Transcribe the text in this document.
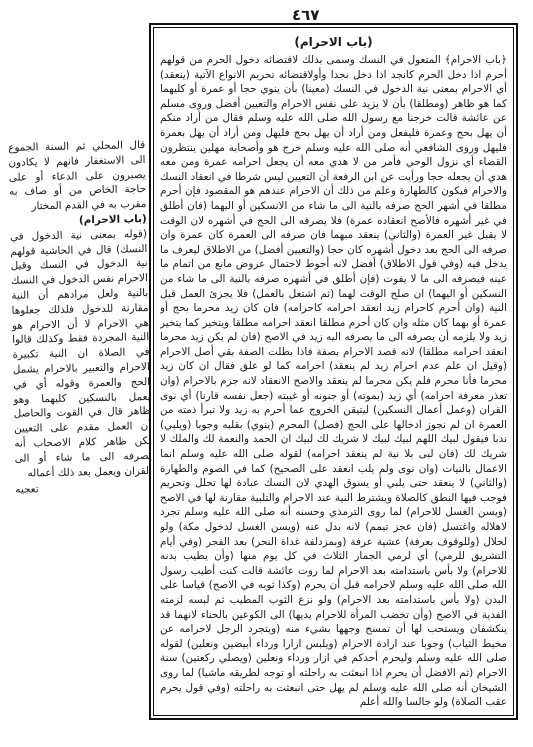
٤٦٧
قال المحلي ثم السنة الجموع الى الاستغفار فانهم لا يكادون يصبرون على الدعاء أو على حاجة الخاص من أو صاف به مقرب به في القدم المختار
(باب الاحرام)
(قوله بمعنى نية الدخول في النسك) قال في الحاشية قولهم نية الدخول في النسك وقيل الاحرام نفس الدخول في النسك بالنية ولعل مرادهم أن النية مقارنة للدخول فلذلك جعلوها هي الاحرام لا أن الاحرام هو النية المجردة فقط وكذلك قالوا في الصلاة ان النية تكبيرة الاحرام والتعبير بالاحرام يشمل الحج والعمرة وقوله أي في يعمل بالنسكين كليهما وهو ظاهر قال في القوت والحاصل أن العمل مقدم على التعيين لكن ظاهر كلام الاصحاب أنه يصرفه الى ما شاء أو الى القران ويعمل بعد ذلك أعماله
تعجيه
(باب الاحرام)
﴿باب الاحرام﴾ المتعول في النسك وسمى بذلك لاقتضائه دخول الحرم من قولهم أحرم اذا دخل الحرم كانجد اذا دخل نجدا وأولاقتضائه تحريم الانواع الآتية (ينعقد) أي الاحرام بمعنى نية الدخول في النسك (معينا) بأن ينوي حجا أو عمرة أو كليهما كما هو ظاهر (ومطلقا) بأن لا يزيد على نفس الاحرام والتعيين أفضل وروى مسلم عن عائشة قالت خرجنا مع رسول الله صلى الله عليه وسلم فقال من أراد منكم أن يهل بحج وعمرة فليفعل ومن أراد أن يهل بحج فليهل ومن أراد أن يهل بعمرة فليهل وروى الشافعي أنه صلى الله عليه وسلم خرج هو وأصحابه مهلين ينتظرون القضاء أي نزول الوحي فأمر من لا هدي معه أن يجعل احرامه عمرة ومن معه هدي أن يجعله حجا ورأيت عن ابن الرفعة أن التعيين ليس شرطا في انعقاد النسك والاحرام فيكون كالطهارة وعلم من ذلك أن الاحرام عندهم هو المقصود فإن أحرم مطلقا في أشهر الحج صرفه بالنية الى ما شاء من الانسكين أو اليهما (فان أطلق في غير أشهره فالأصح انعقاده عمرة) فلا يصرفه الى الحج في أشهره لان الوقت لا يقبل غير العمرة (والثاني) ينعقد مبهما فان صرفه الى العمرة كان عمرة وان صرفه الى الحج بعد دخول أشهره كان حجا (والتعيين أفضل) من الاطلاق ليعرف ما يدخل فيه (وفي قول الاطلاق) أفضل لانه أحوط لاحتمال عروض مانع من اتمام ما عينه فيصرفه الى ما لا يفوت (فإن أطلق في أشهره صرفه بالنية الى ما شاء من النسكين أو اليهما) ان صلح الوقت لهما (ثم اشتغل بالعمل) فلا يجزئ العمل قبل النية (وان أحرم كاحرام زيد انعقد احرامه كاحرامه) فان كان زيد محرما بحج أو عمرة أو بهما كان مثله وان كان أحرم مطلقا انعقد احرامه مطلقا ويتخير كما يتخير زيد ولا يلزمه أن يصرفه الى ما يصرفه اليه زيد في الاصح (فان لم يكن زيد محرما انعقد احرامه مطلقا) لانه قصد الاحرام بصفة فاذا بطلت الصفة بقي أصل الاحرام (وقيل ان علم عدم احرام زيد لم ينعقد) احرامه كما لو علق فقال ان كان زيد محرما فأنا محرم فلم يكن محرما لم ينعقد والاصح الانعقاد لانه جزم بالاحرام (وان تعذر معرفة احرامه) أي زيد (بموته) أو جنونه أو غيبته (جعل نفسه قارنا) أي نوى القران (وعمل أعمال النسكين) ليتيقن الخروج عما أحرم به زيد ولا تبرأ ذمته من العمرة ان لم نجوز ادخالها على الحج (فصل) المحرم (ينوي) بقلبه وجوبا (ويلبي) ندبا فيقول لبيك اللهم لبيك لبيك لا شريك لك لبيك ان الحمد والنعمة لك والملك لا شريك لك (فان لبى بلا نية لم ينعقد احرامه) لقوله صلى الله عليه وسلم انما الاعمال بالنيات (وان نوى ولم يلب انعقد على الصحيح) كما في الصوم والطهارة (والثاني) لا ينعقد حتى يلبي أو يسوق الهدي لان النسك عبادة لها تحلل وتحريم فوجب فيها النطق كالصلاة ويشترط النية عند الاحرام والتلبية مقارنة لها في الاصح (ويسن الغسل للاحرام) لما روى الترمذي وحسنه أنه صلى الله عليه وسلم تجرد لاهلاله واغتسل (فان عجز تيمم) لانه بدل عنه (ويسن الغسل لدخول مكة) ولو لحلال (وللوقوف بعرفة) عشية عرفة (وبمزدلفة غداة النحر) بعد الفجر (وفي أيام التشريق للرمي) أي لرمي الجمار الثلاث في كل يوم منها (وأن يطيب بدنه للاحرام) ولا بأس باستدامته بعد الاحرام لما روت عائشة قالت كنت أطيب رسول الله صلى الله عليه وسلم لاحرامه قبل أن يحرم (وكذا ثوبه في الاصح) قياسا على البدن (ولا بأس باستدامته بعد الاحرام) ولو نزع الثوب المطيب ثم لبسه لزمته الفدية في الاصح (وأن تخضب المرأة للاحرام يديها) الى الكوعين بالحناء لانهما قد ينكشفان ويستحب لها أن تمسح وجهها بشيء منه (ويتجرد الرجل لاحرامه عن مخيط الثياب) وجوبا عند ارادة الاحرام (ويلبس ازارا ورداء أبيضين ونعلين) لقوله صلى الله عليه وسلم وليحرم أحدكم في ازار ورداء ونعلين (ويصلي ركعتين) سنة الاحرام (ثم الافضل أن يحرم اذا انبعثت به راحلته أو توجه لطريقه ماشيا) لما روى الشيخان أنه صلى الله عليه وسلم لم يهل حتى انبعثت به راحلته (وفي قول يحرم عقب الصلاة) ولو جالسا والله أعلم
